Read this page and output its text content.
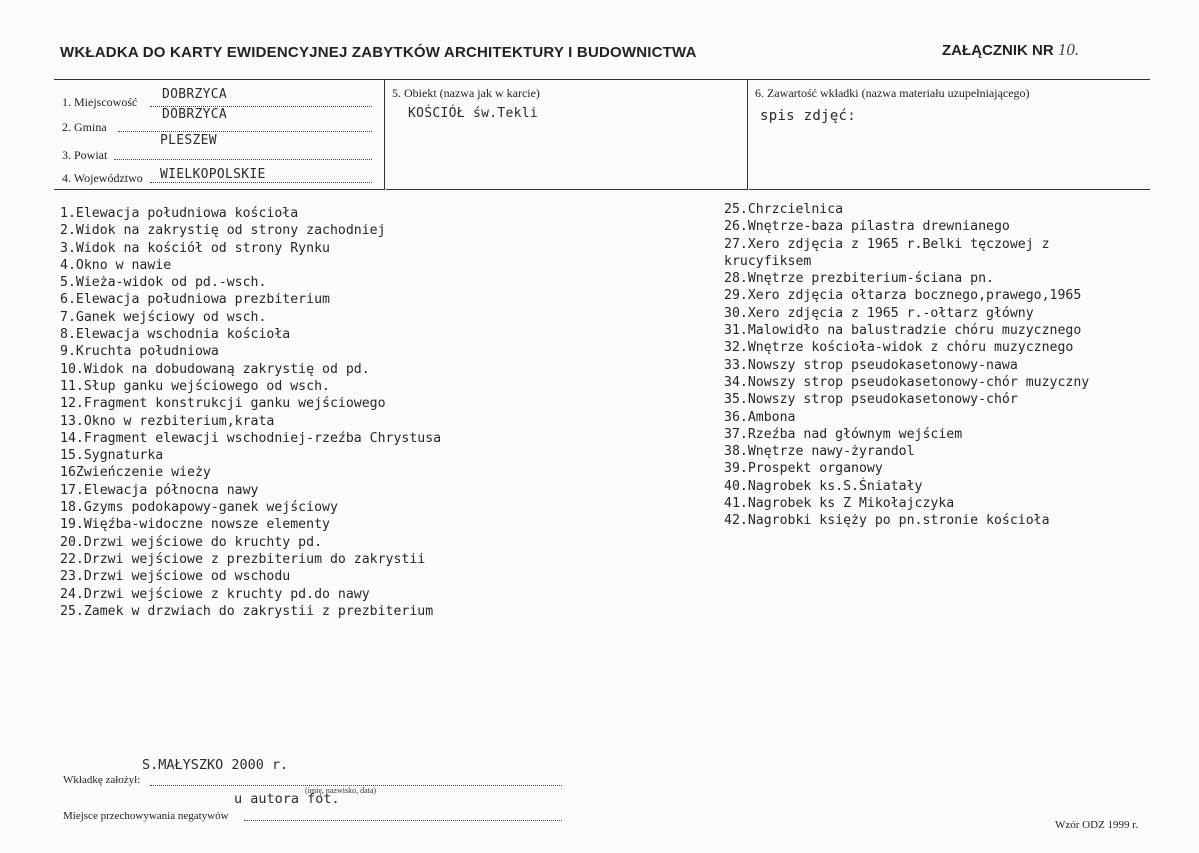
WKŁADKA DO KARTY EWIDENCYJNEJ ZABYTKÓW ARCHITEKTURY I BUDOWNICTWA	ZAŁĄCZNIK NR 10.
1. Miejscowość DOBRZYCA
2. Gmina
DOBRZYCA
3. Powiat
PLESZEW
4. Województwo WIELKOPOLSKIE
5. Obiekt (nazwa jak w karcie)
KOŚCIÓŁ św.Tekli
6. Zawartość wkładki (nazwa materiału uzupełniającego)
spis zdjęć:
1.Elewacja południowa kościoła
2.Widok na zakrystię od strony zachodniej
3.Widok na kościół od strony Rynku
4.Okno w nawie
5.Wieża-widok od pd.-wsch.
6.Elewacja południowa prezbiterium
7.Ganek wejściowy od wsch.
8.Elewacja wschodnia kościoła
9.Kruchta południowa
10.Widok na dobudowaną zakrystię od pd.
11.Słup ganku wejściowego od wsch.
12.Fragment konstrukcji ganku wejściowego
13.Okno w rezbiterium,krata
14.Fragment elewacji wschodniej-rzeźba Chrystusa
15.Sygnaturka
16Zwieńczenie wieży
17.Elewacja północna nawy
18.Gzyms podokapowy-ganek wejściowy
19.Więźba-widoczne nowsze elementy
20.Drzwi wejściowe do kruchty pd.
22.Drzwi wejściowe z prezbiterium do zakrystii
23.Drzwi wejściowe od wschodu
24.Drzwi wejściowe z kruchty pd.do nawy
25.Zamek w drzwiach do zakrystii z prezbiterium
25.Chrzcielnica
26.Wnętrze-baza pilastra drewnianego
27.Xero zdjęcia z 1965 r.Belki tęczowej z krucyfiksem
28.Wnętrze prezbiterium-ściana pn.
29.Xero zdjęcia ołtarza bocznego,prawego,1965
30.Xero zdjęcia z 1965 r.-ołtarz główny
31.Malowidło na balustradzie chóru muzycznego
32.Wnętrze kościoła-widok z chóru muzycznego
33.Nowszy strop pseudokasetonowy-nawa
34.Nowszy strop pseudokasetonowy-chór muzyczny
35.Nowszy strop pseudokasetonowy-chór
36.Ambona
37.Rzeźba nad głównym wejściem
38.Wnętrze nawy-żyrandol
39.Prospekt organowy
40.Nagrobek ks.S.Śniatały
41.Nagrobek ks Z Mikołajczyka
42.Nagrobki księży po pn.stronie kościoła
S.MAŁYSZKO 2000 r.
Wkładkę założył:
(imię, nazwisko, data)
u autora fot.
Miejsce przechowywania negatywów
Wzór ODZ 1999 r.
